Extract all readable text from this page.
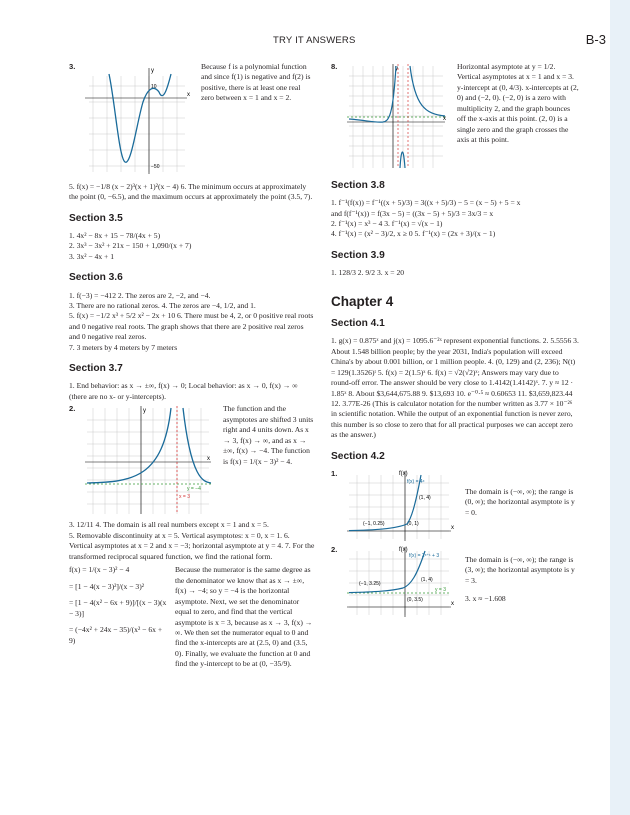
TRY IT ANSWERS	B-3
3.	y
x
10
−50
Because f is a polynomial function and since f(1) is negative and f(2) is positive, there is at least one real zero between x = 1 and x = 2.

5. f(x) = −1/8 (x − 2)³(x + 1)²(x − 4) 6. The minimum occurs at approximately the point (0, −6.5), and the maximum occurs at approximately the point (3.5, 7).

Section 3.5

1. 4x² − 8x + 15 − 78/(4x + 5)

2. 3x³ − 3x² + 21x − 150 + 1,090/(x + 7)

3. 3x² − 4x + 1

Section 3.6

1. f(−3) = −412 2. The zeros are 2, −2, and −4.

3. There are no rational zeros. 4. The zeros are −4, 1/2, and 1.

5. f(x) = −1/2 x³ + 5/2 x² − 2x + 10 6. There must be 4, 2, or 0 positive real roots and 0 negative real roots. The graph shows that there are 2 positive real zeros and 0 negative real zeros.

7. 3 meters by 4 meters by 7 meters

Section 3.7

1. End behavior: as x → ±∞, f(x) → 0; Local behavior: as x → 0, f(x) → ∞ (there are no x- or y-intercepts).

2.	y
x
y = −4
x = 3
The function and the asymptotes are shifted 3 units right and 4 units down. As x → 3, f(x) → ∞, and as x → ±∞, f(x) → −4. The function is f(x) = 1/(x − 3)² − 4.

3. 12/11 4. The domain is all real numbers except x = 1 and x = 5.

5. Removable discontinuity at x = 5. Vertical asymptotes: x = 0, x = 1. 6. Vertical asymptotes at x = 2 and x = −3; horizontal asymptote at y = 4. 7. For the transformed reciprocal squared function, we find the rational form.

f(x) = 1/(x − 3)² − 4

= [1 − 4(x − 3)²]/(x − 3)²

= [1 − 4(x² − 6x + 9)]/[(x − 3)(x − 3)]

= (−4x² + 24x − 35)/(x² − 6x + 9)

Because the numerator is the same degree as the denominator we know that as x → ±∞, f(x) → −4; so y = −4 is the horizontal asymptote. Next, we set the denominator equal to zero, and find that the vertical asymptote is x = 3, because as x → 3, f(x) → ∞. We then set the numerator equal to 0 and find the x-intercepts are at (2.5, 0) and (3.5, 0). Finally, we evaluate the function at 0 and find the y-intercept to be at (0, −35/9).
8.	y
x
Horizontal asymptote at y = 1/2. Vertical asymptotes at x = 1 and x = 3. y-intercept at (0, 4/3). x-intercepts at (2, 0) and (−2, 0). (−2, 0) is a zero with multiplicity 2, and the graph bounces off the x-axis at this point. (2, 0) is a single zero and the graph crosses the axis at this point.
Section 3.8

1. f⁻¹(f(x)) = f⁻¹((x + 5)/3) = 3((x + 5)/3) − 5 = (x − 5) + 5 = x

and f(f⁻¹(x)) = f(3x − 5) = ((3x − 5) + 5)/3 = 3x/3 = x

2. f⁻¹(x) = x³ − 4 3. f⁻¹(x) = √(x − 1)

4. f⁻¹(x) = (x² − 3)/2, x ≥ 0 5. f⁻¹(x) = (2x + 3)/(x − 1)

Section 3.9

1. 128/3 2. 9/2 3. x = 20

Chapter 4
Section 4.1

1. g(x) = 0.875ˣ and j(x) = 1095.6⁻²ˣ represent exponential functions. 2. 5.5556 3. About 1.548 billion people; by the year 2031, India's population will exceed China's by about 0.001 billion, or 1 million people. 4. (0, 129) and (2, 236); N(t) = 129(1.3526)ᵗ 5. f(x) = 2(1.5)ˣ 6. f(x) = √2(√2)ˣ; Answers may vary due to round-off error. The answer should be very close to 1.4142(1.4142)ˣ. 7. y ≈ 12 · 1.85ˣ 8. About $3,644,675.88 9. $13,693 10. e⁻⁰·⁵ ≈ 0.60653 11. $3,659,823.44 12. 3.77E-26 (This is calculator notation for the number written as 3.77 × 10⁻²⁶ in scientific notation. While the output of an exponential function is never zero, this number is so close to zero that for all practical purposes we can accept zero as the answer.)

Section 4.2
1.	f(x)
x
f(x) = 4ˣ
(1, 4)
(−1, 0.25)	(0, 1)
The domain is (−∞, ∞); the range is (0, ∞); the horizontal asymptote is y = 0.
2.	f(x)
x
f(x) = 2ˣ⁺¹ + 3
(−1, 3.25)
(1, 4)
(0, 3.5)
y = 3

The domain is (−∞, ∞); the range is (3, ∞); the horizontal asymptote is y = 3.

3. x ≈ −1.608
